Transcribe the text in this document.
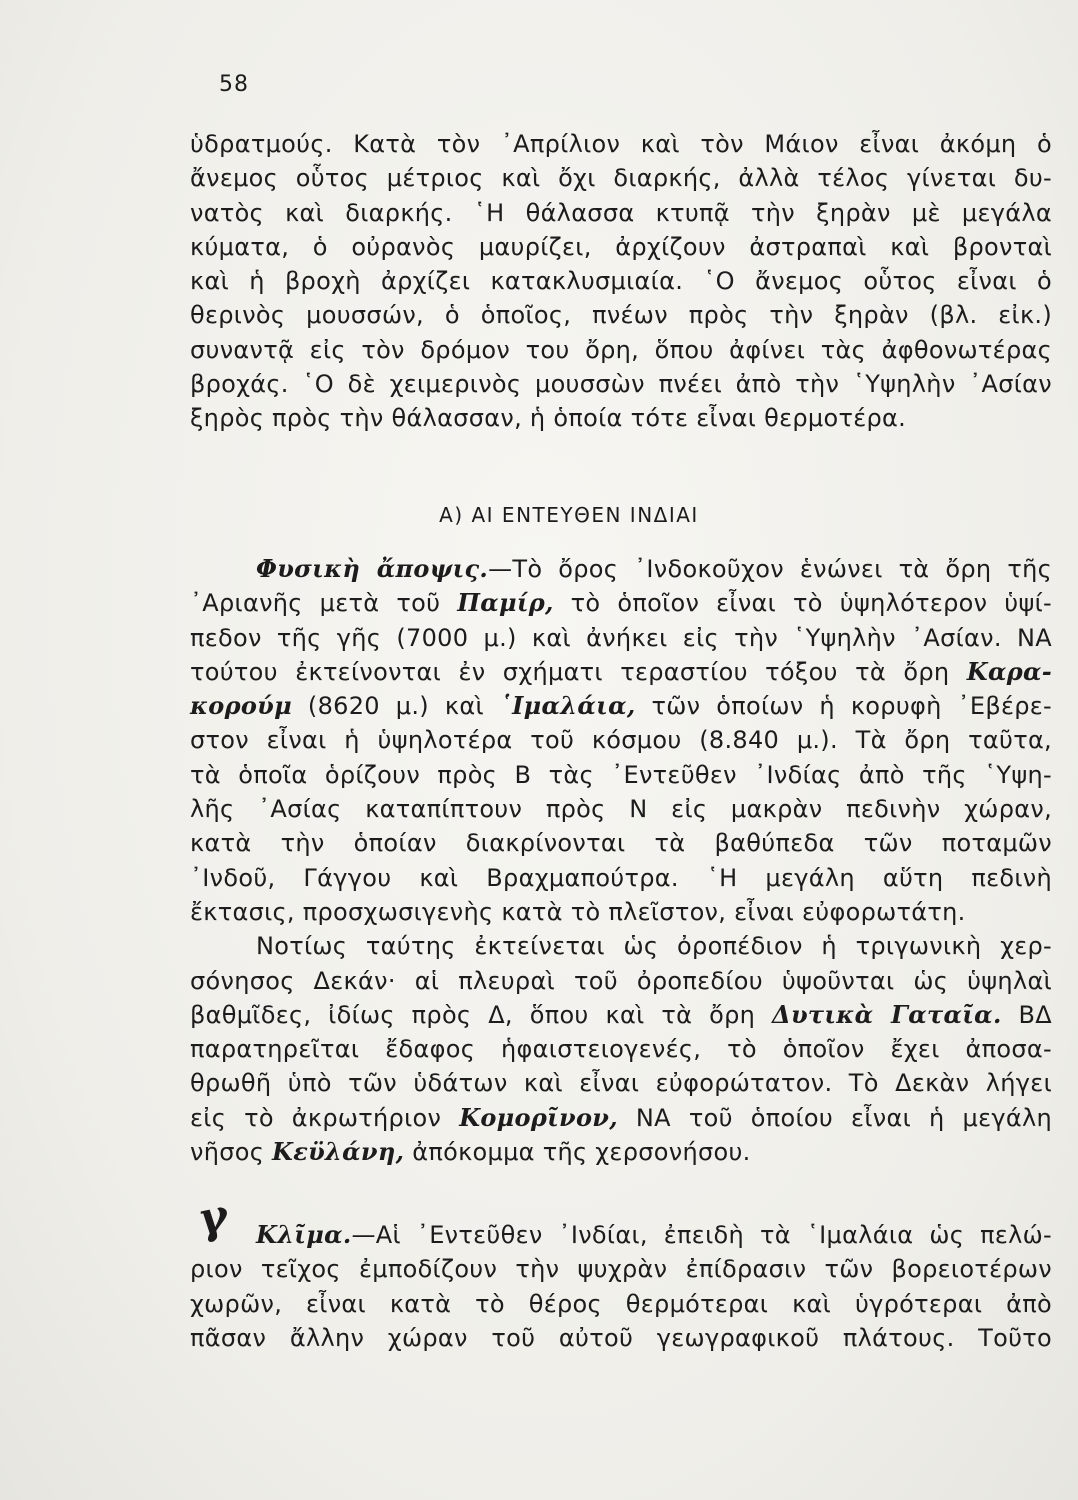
58
ὑδρατμούς. Κατὰ τὸν ᾽Απρίλιον καὶ τὸν Μάιον εἶναι ἀκόμη ὁ
ἄνεμος οὗτος μέτριος καὶ ὄχι διαρκής, ἀλλὰ τέλος γίνεται δυ-
νατὸς καὶ διαρκής. ῾Η θάλασσα κτυπᾷ τὴν ξηρὰν μὲ μεγάλα
κύματα, ὁ οὐρανὸς μαυρίζει, ἀρχίζουν ἀστραπαὶ καὶ βρονταὶ
καὶ ἡ βροχὴ ἀρχίζει κατακλυσμιαία. ῾Ο ἄνεμος οὗτος εἶναι ὁ
θερινὸς μουσσών, ὁ ὁποῖος, πνέων πρὸς τὴν ξηρὰν (βλ. εἰκ.)
συναντᾷ εἰς τὸν δρόμον του ὄρη, ὅπου ἀφίνει τὰς ἀφθονωτέρας
βροχάς. ῾Ο δὲ χειμερινὸς μουσσὼν πνέει ἀπὸ τὴν ῾Υψηλὴν ᾽Ασίαν
ξηρὸς πρὸς τὴν θάλασσαν, ἡ ὁποία τότε εἶναι θερμοτέρα.
Α) ΑΙ ΕΝΤΕΥΘΕΝ ΙΝΔΙΑΙ
Φυσικὴ ἄποψις.—Τὸ ὄρος ᾽Ινδοκοῦχον ἑνώνει τὰ ὄρη τῆς
᾽Αριανῆς μετὰ τοῦ Παμίρ, τὸ ὁποῖον εἶναι τὸ ὑψηλότερον ὑψί-
πεδον τῆς γῆς (7000 μ.) καὶ ἀνήκει εἰς τὴν ῾Υψηλὴν ᾽Ασίαν. ΝΑ
τούτου ἐκτείνονται ἐν σχήματι τεραστίου τόξου τὰ ὄρη Καρα-
κορούμ (8620 μ.) καὶ ῾Ιμαλάια, τῶν ὁποίων ἡ κορυφὴ ᾽Εβέρε-
στον εἶναι ἡ ὑψηλοτέρα τοῦ κόσμου (8.840 μ.). Τὰ ὄρη ταῦτα,
τὰ ὁποῖα ὁρίζουν πρὸς Β τὰς ᾽Εντεῦθεν ᾽Ινδίας ἀπὸ τῆς ῾Υψη-
λῆς ᾽Ασίας καταπίπτουν πρὸς Ν εἰς μακρὰν πεδινὴν χώραν,
κατὰ τὴν ὁποίαν διακρίνονται τὰ βαθύπεδα τῶν ποταμῶν
᾽Ινδοῦ, Γάγγου καὶ Βραχμαπούτρα. ῾Η μεγάλη αὕτη πεδινὴ
ἔκτασις, προσχωσιγενὴς κατὰ τὸ πλεῖστον, εἶναι εὐφορωτάτη.
Νοτίως ταύτης ἐκτείνεται ὡς ὀροπέδιον ἡ τριγωνικὴ χερ-
σόνησος Δεκάν· αἱ πλευραὶ τοῦ ὀροπεδίου ὑψοῦνται ὡς ὑψηλαὶ
βαθμῖδες, ἰδίως πρὸς Δ, ὅπου καὶ τὰ ὄρη Δυτικὰ Γαταῖα. ΒΔ
παρατηρεῖται ἔδαφος ἡφαιστειογενές, τὸ ὁποῖον ἔχει ἀποσα-
θρωθῆ ὑπὸ τῶν ὑδάτων καὶ εἶναι εὐφορώτατον. Τὸ Δεκὰν λήγει
εἰς τὸ ἀκρωτήριον Κομορῖνον, ΝΑ τοῦ ὁποίου εἶναι ἡ μεγάλη
νῆσος Κεϋλάνη, ἀπόκομμα τῆς χερσονήσου.
γ Κλῖμα.—Αἱ ᾽Εντεῦθεν ᾽Ινδίαι, ἐπειδὴ τὰ ῾Ιμαλάια ὡς πελώ-
ριον τεῖχος ἐμποδίζουν τὴν ψυχρὰν ἐπίδρασιν τῶν βορειοτέρων
χωρῶν, εἶναι κατὰ τὸ θέρος θερμότεραι καὶ ὑγρότεραι ἀπὸ
πᾶσαν ἄλλην χώραν τοῦ αὐτοῦ γεωγραφικοῦ πλάτους. Τοῦτο
